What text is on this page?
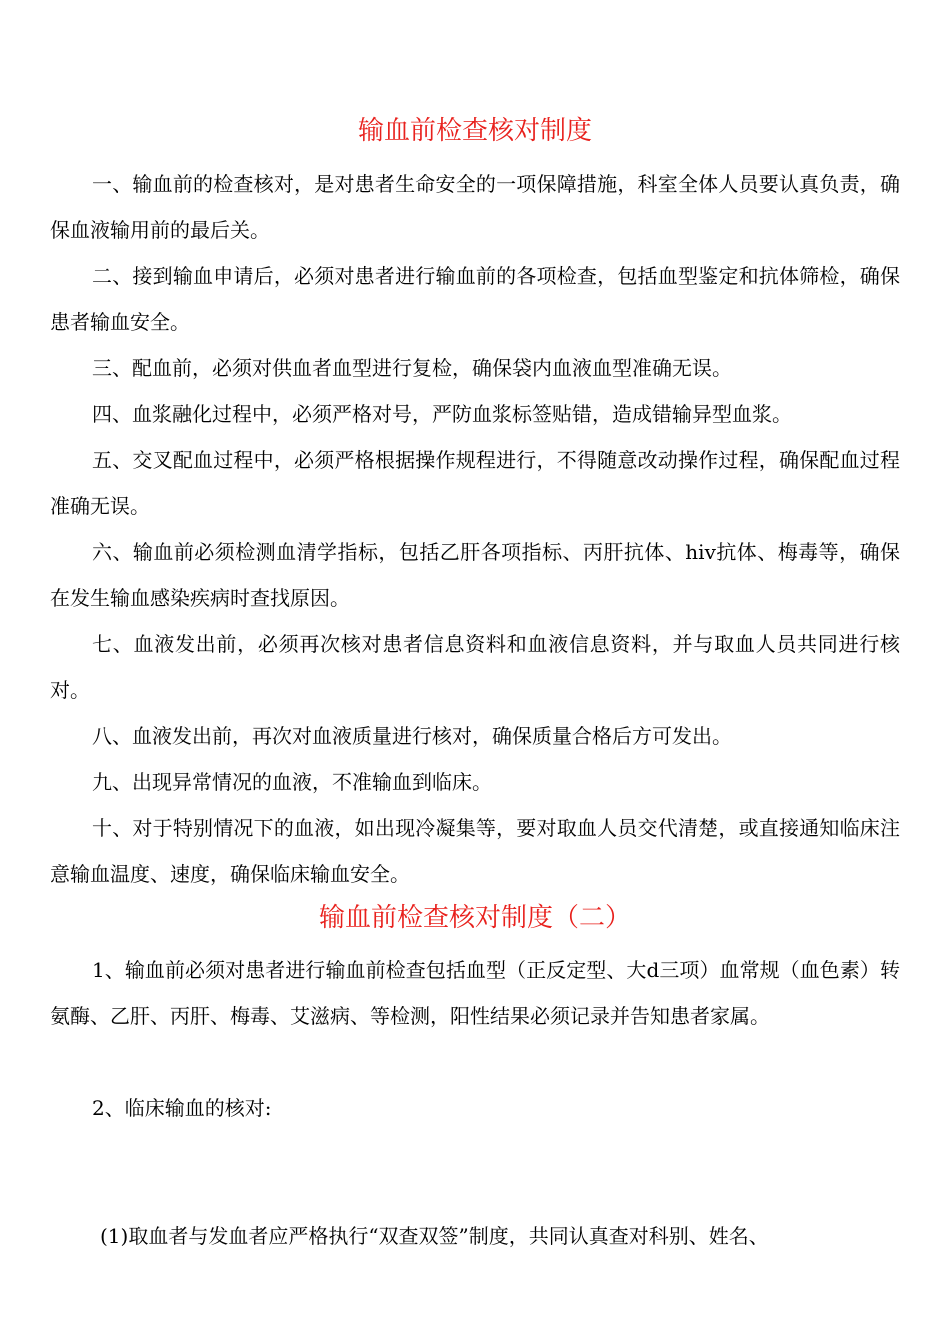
输血前检查核对制度

一、输血前的检查核对，是对患者生命安全的一项保障措施，科室全体人员要认真负责，确保血液输用前的最后关。

二、接到输血申请后，必须对患者进行输血前的各项检查，包括血型鉴定和抗体筛检，确保患者输血安全。

三、配血前，必须对供血者血型进行复检，确保袋内血液血型准确无误。

四、血浆融化过程中，必须严格对号，严防血浆标签贴错，造成错输异型血浆。

五、交叉配血过程中，必须严格根据操作规程进行，不得随意改动操作过程，确保配血过程准确无误。

六、输血前必须检测血清学指标，包括乙肝各项指标、丙肝抗体、hiv抗体、梅毒等，确保在发生输血感染疾病时查找原因。

七、血液发出前，必须再次核对患者信息资料和血液信息资料，并与取血人员共同进行核对。

八、血液发出前，再次对血液质量进行核对，确保质量合格后方可发出。

九、出现异常情况的血液，不准输血到临床。

十、对于特别情况下的血液，如出现冷凝集等，要对取血人员交代清楚，或直接通知临床注意输血温度、速度，确保临床输血安全。

输血前检查核对制度（二）

1、输血前必须对患者进行输血前检查包括血型（正反定型、大d三项）血常规（血色素）转氨酶、乙肝、丙肝、梅毒、艾滋病、等检测，阳性结果必须记录并告知患者家属。

2、临床输血的核对:

(1)取血者与发血者应严格执行“双查双签”制度，共同认真查对科别、姓名、
